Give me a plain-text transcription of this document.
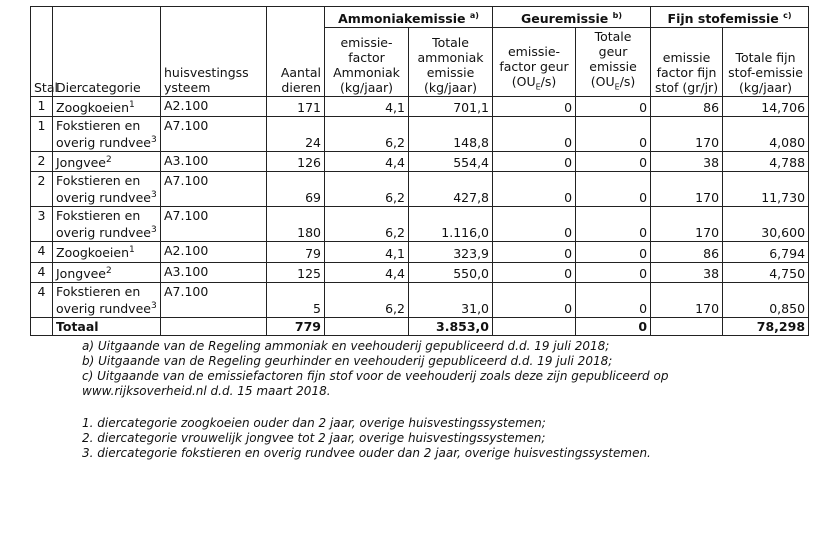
Stal	Diercategorie	huisvestingss ysteem	Aantal dieren	Ammoniakemissie $^{a)}$		Geuremissie $^{b)}$		Fijn stofemissie $^{c)}$
				emissie-factor Ammoniak (kg/jaar)	Totale ammoniak emissie (kg/jaar)	emissie-factor geur $(OU_E/s)$	Totale geur emissie $(OU_E/s)$	emissie factor fijn stof (gr/jr)	Totale fijn stof-emissie (kg/jaar)
1	Zoogkoeien$^1$	A2.100	171	4,1	701,1	0	0	86	14,706
1	Fokstieren en overig rundvee$^3$	A7.100	24	6,2	148,8	0	0	170	4,080
2	Jongvee$^2$	A3.100	126	4,4	554,4	0	0	38	4,788
2	Fokstieren en overig rundvee$^3$	A7.100	69	6,2	427,8	0	0	170	11,730
3	Fokstieren en overig rundvee$^3$	A7.100	180	6,2	1.116,0	0	0	170	30,600
4	Zoogkoeien$^1$	A2.100	79	4,1	323,9	0	0	86	6,794
4	Jongvee$^2$	A3.100	125	4,4	550,0	0	0	38	4,750
4	Fokstieren en overig rundvee$^3$	A7.100	5	6,2	31,0	0	0	170	0,850
	Totaal		779		3.853,0		0		78,298
a) Uitgaande van de Regeling ammoniak en veehouderij gepubliceerd d.d. 19 juli 2018;
b) Uitgaande van de Regeling geurhinder en veehouderij gepubliceerd d.d. 19 juli 2018;
c) Uitgaande van de emissiefactoren fijn stof voor de veehouderij zoals deze zijn gepubliceerd op
www.rijksoverheid.nl d.d. 15 maart 2018.
1. diercategorie zoogkoeien ouder dan 2 jaar, overige huisvestingssystemen;
2. diercategorie vrouwelijk jongvee tot 2 jaar, overige huisvestingssystemen;
3. diercategorie fokstieren en overig rundvee ouder dan 2 jaar, overige huisvestingssystemen.
